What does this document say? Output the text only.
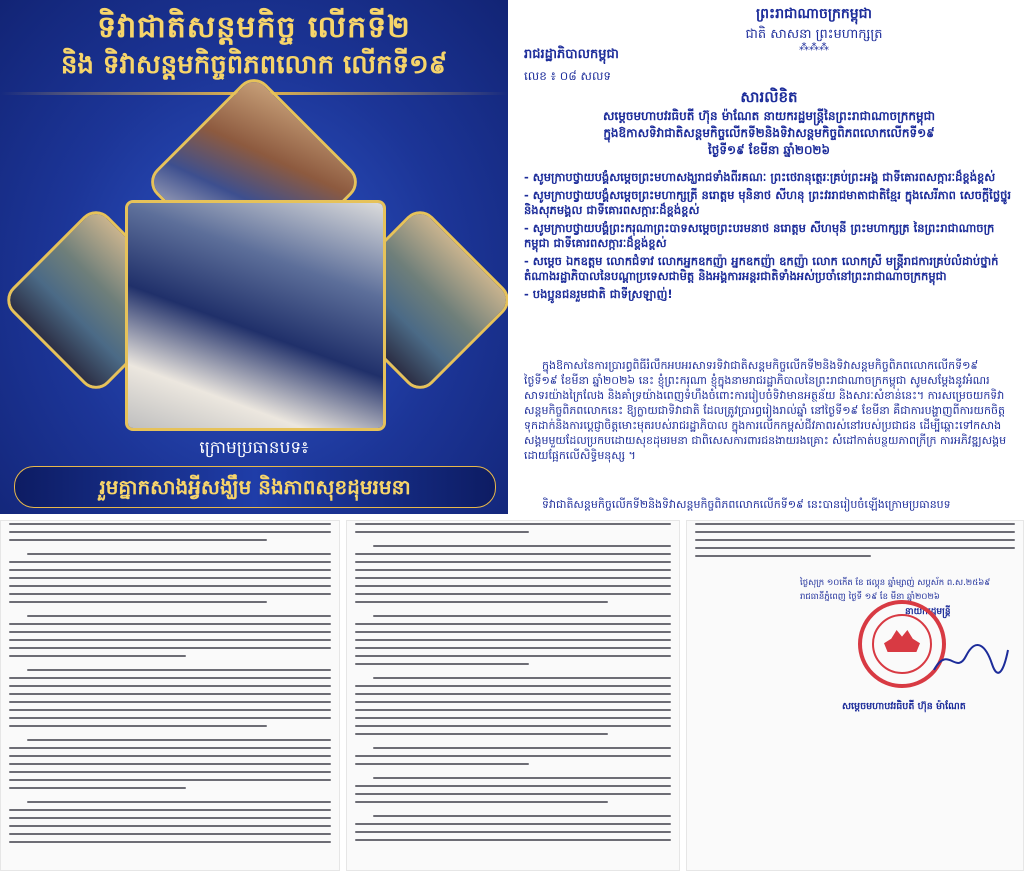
ទិវាជាតិសន្តមកិច្ច លើកទី២
និង ទិវាសន្តមកិច្ចពិភពលោក លើកទី១៩
ក្រោមប្រធានបទ៖
រួមគ្នាកសាងអ្វីសង្ឃឹម និងភាពសុខដុមរមនា
ព្រះរាជាណាចក្រកម្ពុជា
ជាតិ សាសនា ព្រះមហាក្សត្រ
⁂⁂⁂
រាជរដ្ឋាភិបាលកម្ពុជា
លេខ ៖ ០៨ សលទ
សារលិខិត
សម្ដេចមហាបវរធិបតី ហ៊ុន ម៉ាណែត នាយករដ្ឋមន្ត្រីនៃព្រះរាជាណាចក្រកម្ពុជា
ក្នុងឱកាសទិវាជាតិសន្តមកិច្ចលើកទី២និងទិវាសន្តមកិច្ចពិភពលោកលើកទី១៩
ថ្ងៃទី១៩ ខែមីនា ឆ្នាំ២០២៦
- សូមក្រាបថ្វាយបង្គំសម្តេចព្រះមហាសង្ឃរាជទាំងពីរគណៈ ព្រះថេរានុត្ថេរៈគ្រប់ព្រះអង្គ ជាទីគោរពសក្ការៈដ៏ខ្ពង់ខ្ពស់
- សូមក្រាបថ្វាយបង្គំសម្តេចព្រះមហាក្សត្រី នរោត្តម មុនិនាថ សីហនុ ព្រះវររាជមាតាជាតិខ្មែរ ក្នុងសេរីភាព សេចក្តីថ្លៃថ្នូរ និងសុភមង្គល ជាទីគោរពសក្ការៈដ៏ខ្ពង់ខ្ពស់
- សូមក្រាបថ្វាយបង្គំព្រះករុណាព្រះបាទសម្តេចព្រះបរមនាថ នរោត្តម សីហមុនី ព្រះមហាក្សត្រ នៃព្រះរាជាណាចក្រកម្ពុជា ជាទីគោរពសក្ការៈដ៏ខ្ពង់ខ្ពស់
- សម្តេច ឯកឧត្តម លោកជំទាវ លោកអ្នកឧកញ៉ា អ្នកឧកញ៉ា ឧកញ៉ា លោក លោកស្រី មន្ត្រីរាជការគ្រប់លំដាប់ថ្នាក់ តំណាងរដ្ឋាភិបាលនៃបណ្តាប្រទេសជាមិត្ត និងអង្គការអន្តរជាតិទាំងអស់ប្រចាំនៅព្រះរាជាណាចក្រកម្ពុជា
- បងប្អូនជនរួមជាតិ ជាទីស្រឡាញ់!
ក្នុងឱកាសនៃការប្រារព្ធពិធីរំលឹកអបអរសាទរទិវាជាតិសន្តមកិច្ចលើកទី២និងទិវាសន្តមកិច្ចពិភពលោកលើកទី១៩ ថ្ងៃទី១៩ ខែមីនា ឆ្នាំ២០២៦ នេះ ខ្ញុំព្រះករុណា ខ្ញុំក្នុងនាមរាជរដ្ឋាភិបាលនៃព្រះរាជាណាចក្រកម្ពុជា សូមសម្តែងនូវអំណរសាទរយ៉ាងក្រៃលែង និងគាំទ្រយ៉ាងពេញទំហឹងចំពោះការរៀបចំទិវាមានអត្ថន័យ និងសារៈសំខាន់នេះ។ ការសម្រេចយកទិវាសន្តមកិច្ចពិភពលោកនេះ ឱ្យក្លាយជាទិវាជាតិ ដែលត្រូវប្រារព្ធរៀងរាល់ឆ្នាំ នៅថ្ងៃទី១៩ ខែមីនា គឺជាការបង្ហាញពីការយកចិត្តទុកដាក់និងការប្តេជ្ញាចិត្តមោះមុតរបស់រាជរដ្ឋាភិបាល ក្នុងការលើកកម្ពស់ជីវភាពរស់នៅរបស់ប្រជាជន ដើម្បីឆ្ពោះទៅកសាងសង្គមមួយដែលប្រកបដោយសុខដុមរមនា ជាពិសេសការពារជនងាយរងគ្រោះ សំដៅកាត់បន្ថយភាពក្រីក្រ ការអភិវឌ្ឍសង្គម ដោយផ្អែកលើសិទ្ធិមនុស្ស ។
ទិវាជាតិសន្តមកិច្ចលើកទី២និងទិវាសន្តមកិច្ចពិភពលោកលើកទី១៩ នេះបានរៀបចំឡើងក្រោមប្រធានបទ
ថ្ងៃសុក្រ ១០កើត ខែ ផល្គុន ឆ្នាំម្សាញ់ សប្តស័ក ព.ស.២៥៦៩
រាជធានីភ្នំពេញ ថ្ងៃទី ១៩ ខែ មីនា ឆ្នាំ២០២៦
នាយករដ្ឋមន្ត្រី
សម្ដេចមហាបវរធិបតី ហ៊ុន ម៉ាណែត
